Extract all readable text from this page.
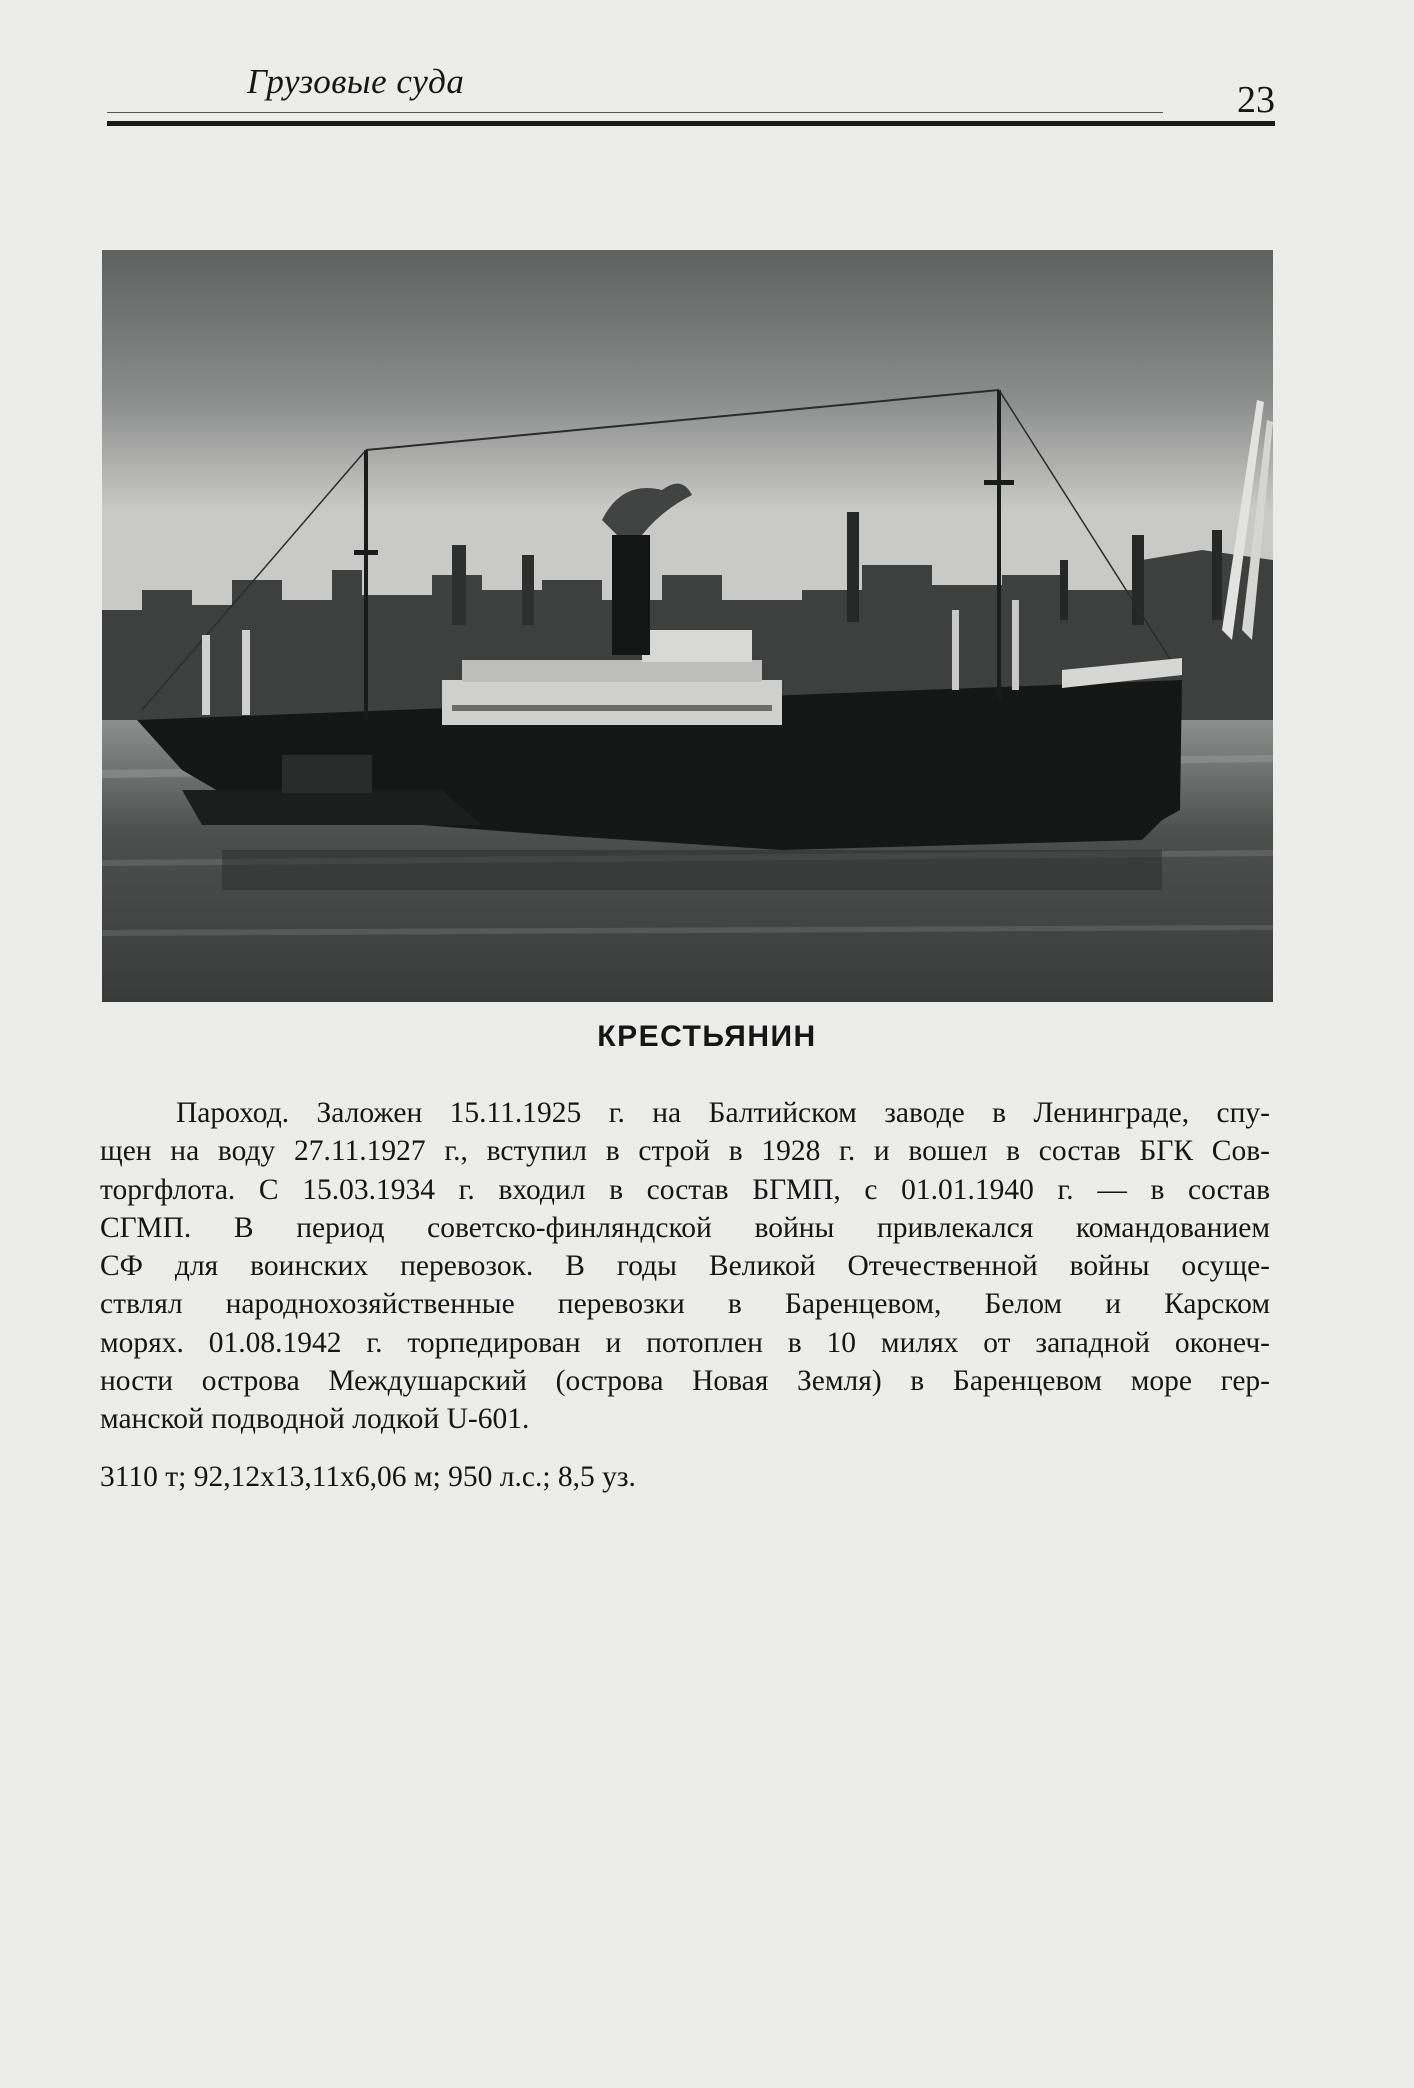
Грузовые суда	23
КРЕСТЬЯНИН
Пароход. Заложен 15.11.1925 г. на Балтийском заводе в Ленинграде, спу-
щен на воду 27.11.1927 г., вступил в строй в 1928 г. и вошел в состав БГК Сов-
торгфлота. С 15.03.1934 г. входил в состав БГМП, с 01.01.1940 г. — в состав
СГМП. В период советско-финляндской войны привлекался командованием
СФ для воинских перевозок. В годы Великой Отечественной войны осуще-
ствлял народнохозяйственные перевозки в Баренцевом, Белом и Карском
морях. 01.08.1942 г. торпедирован и потоплен в 10 милях от западной оконеч-
ности острова Междушарский (острова Новая Земля) в Баренцевом море гер-
манской подводной лодкой U-601.
3110 т; 92,12х13,11х6,06 м; 950 л.с.; 8,5 уз.
